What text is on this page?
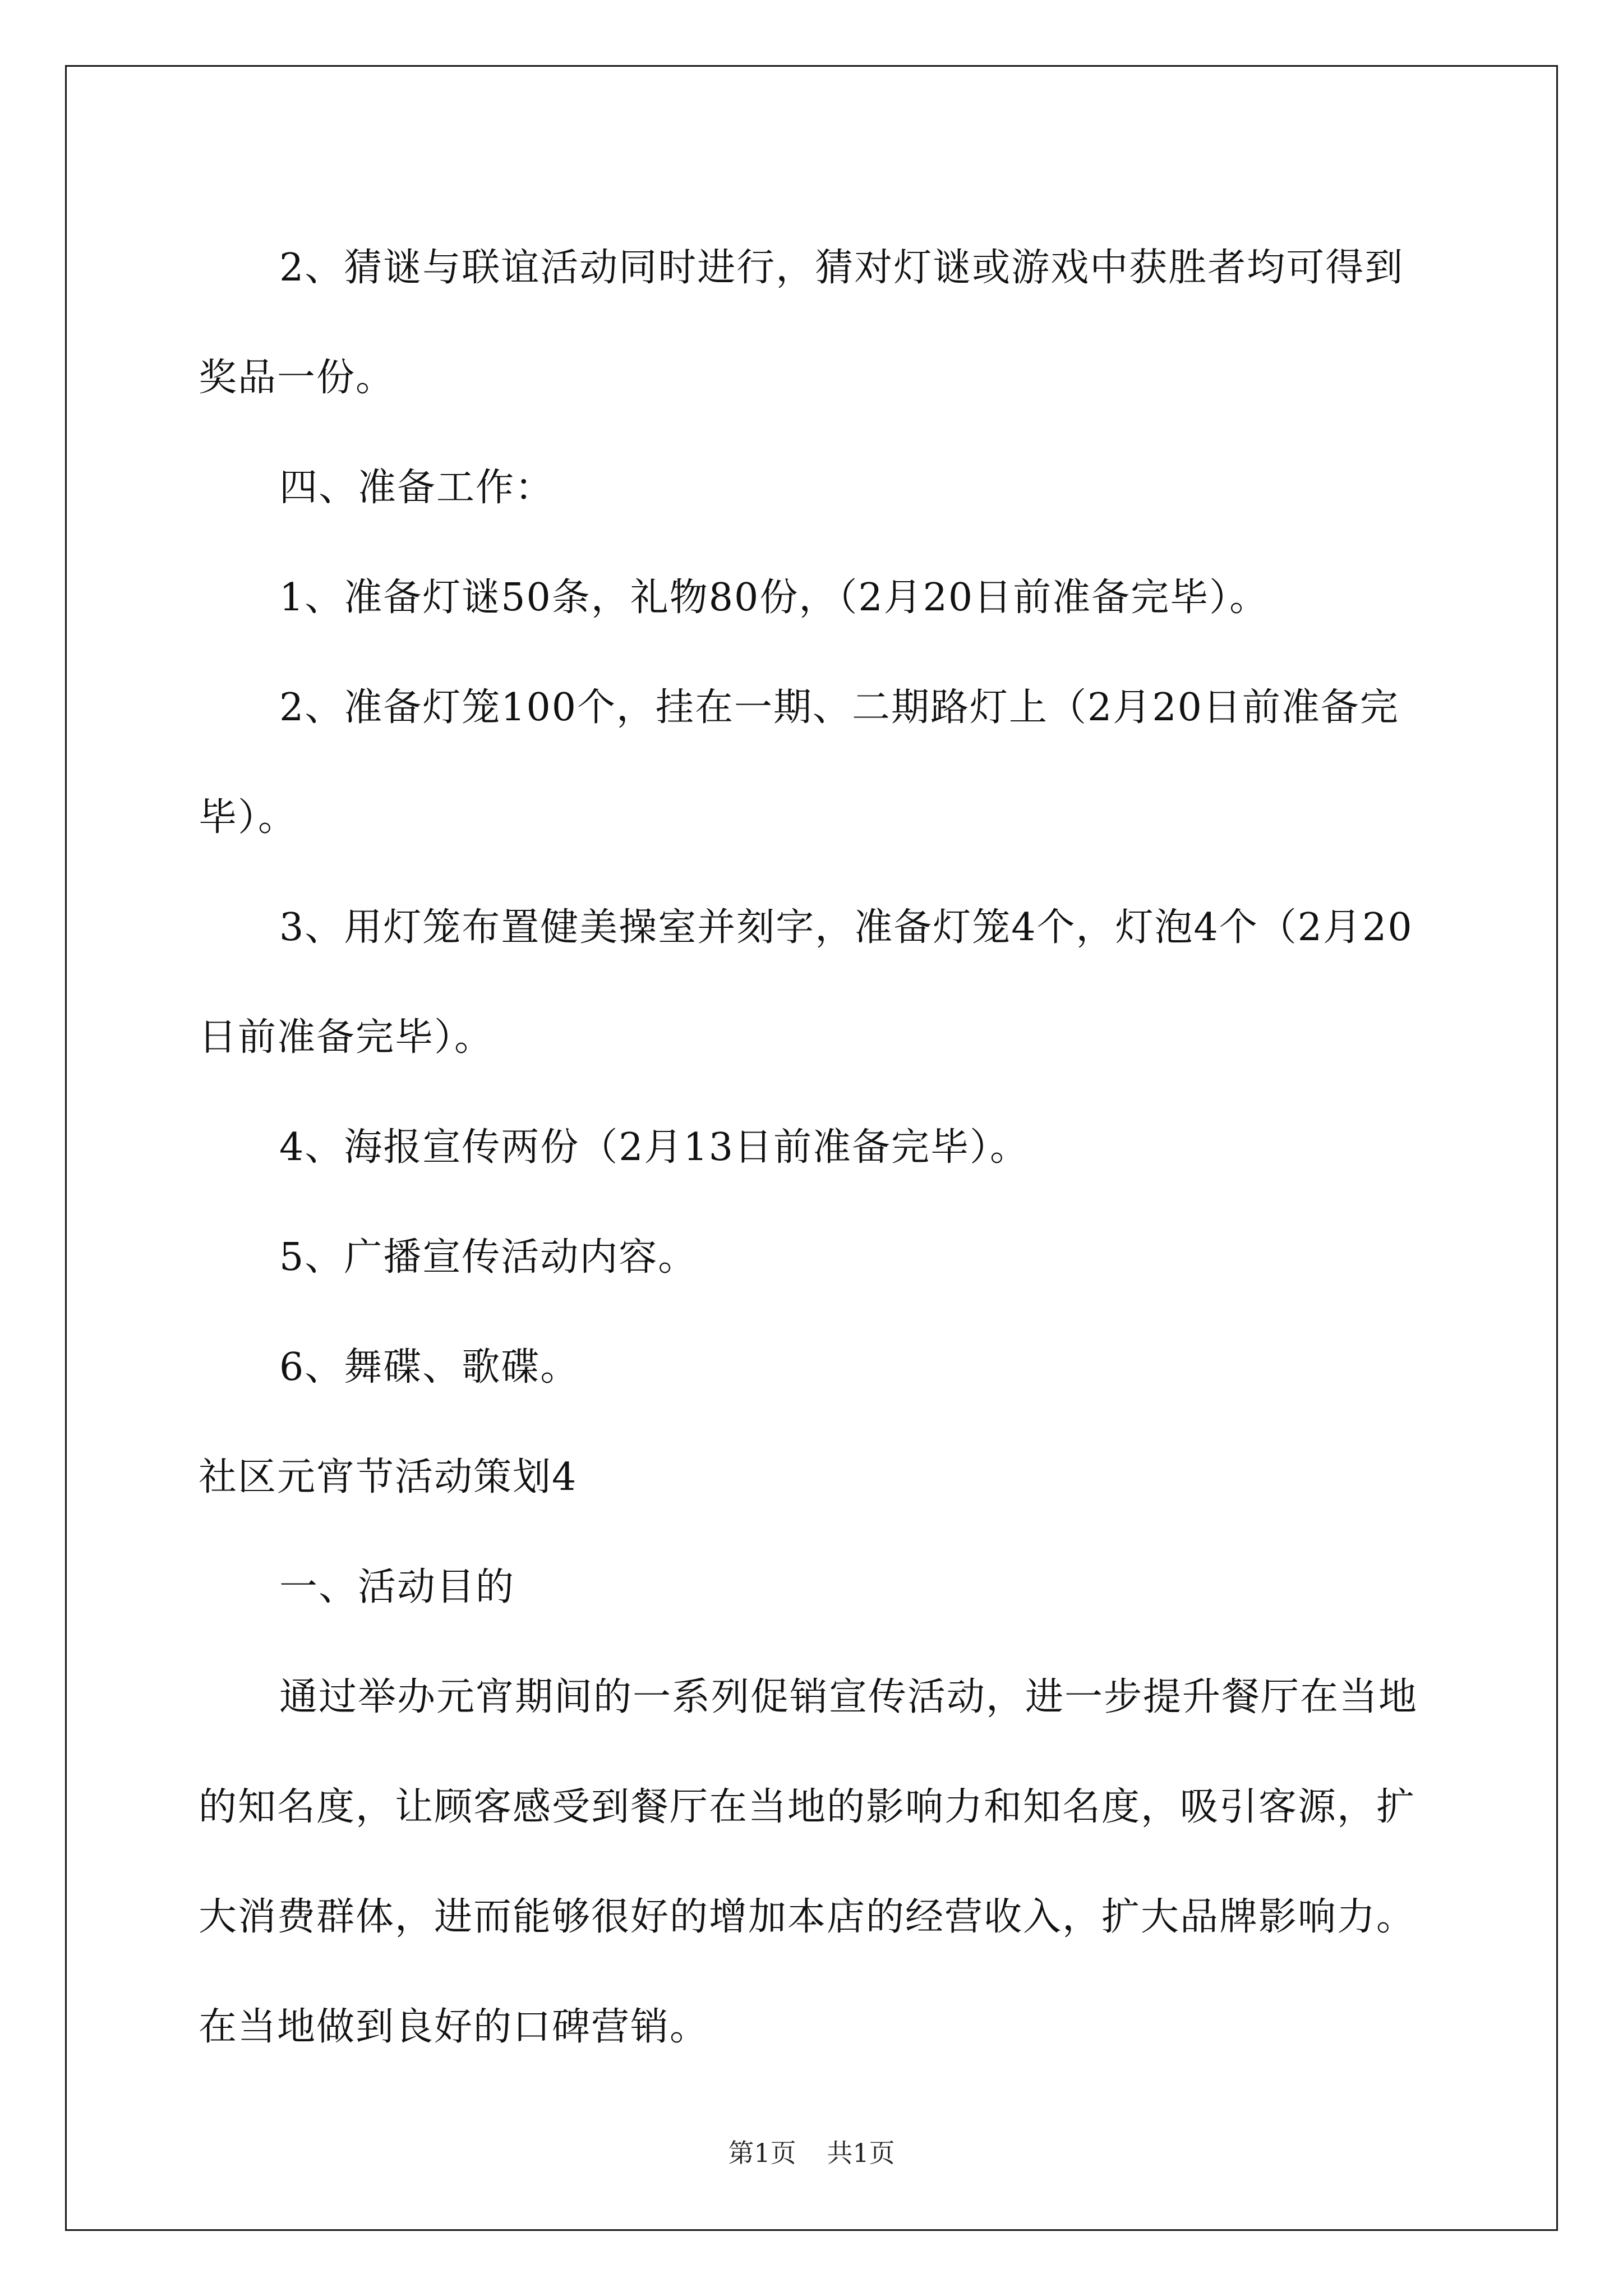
2、猜谜与联谊活动同时进行，猜对灯谜或游戏中获胜者均可得到奖品一份。

四、准备工作：

1、准备灯谜50条，礼物80份，（2月20日前准备完毕）。

2、准备灯笼100个，挂在一期、二期路灯上（2月20日前准备完毕）。

3、用灯笼布置健美操室并刻字，准备灯笼4个，灯泡4个（2月20日前准备完毕）。

4、海报宣传两份（2月13日前准备完毕）。

5、广播宣传活动内容。

6、舞碟、歌碟。

社区元宵节活动策划4

一、活动目的

通过举办元宵期间的一系列促销宣传活动，进一步提升餐厅在当地的知名度，让顾客感受到餐厅在当地的影响力和知名度，吸引客源，扩大消费群体，进而能够很好的增加本店的经营收入，扩大品牌影响力。在当地做到良好的口碑营销。

第1页 共1页
